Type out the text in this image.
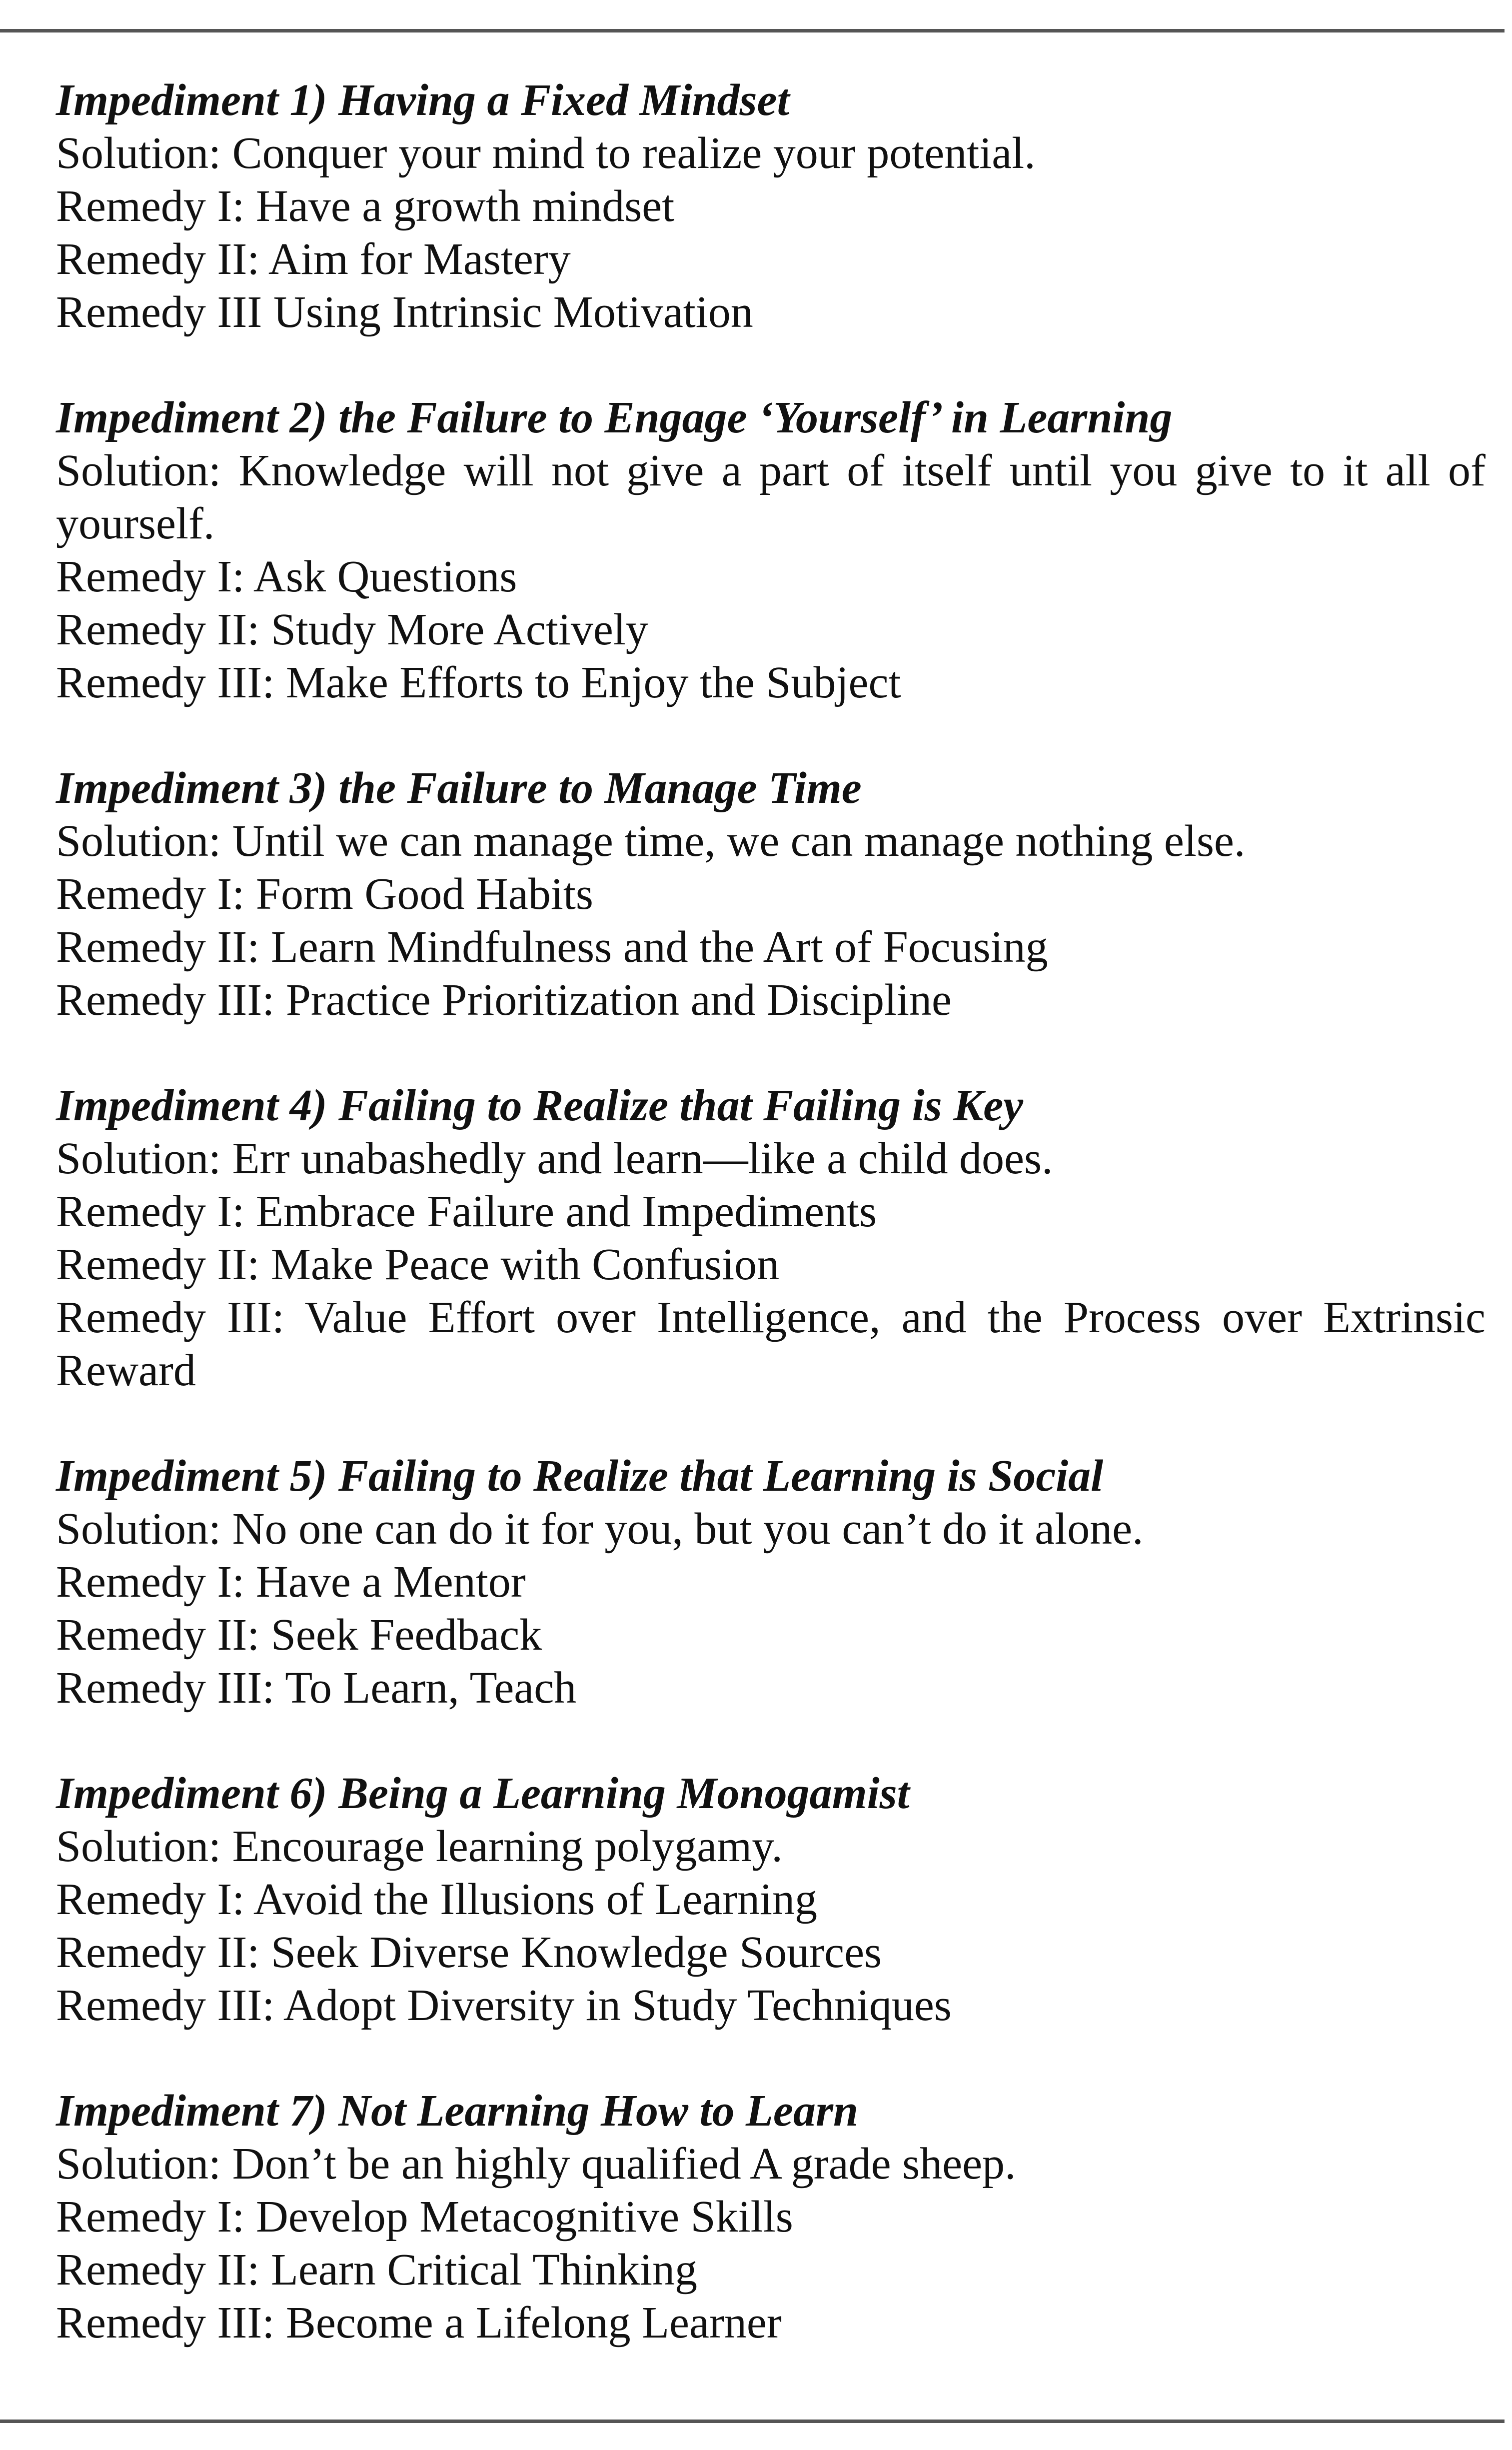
Impediment 1) Having a Fixed Mindset
Solution: Conquer your mind to realize your potential.
Remedy I: Have a growth mindset
Remedy II: Aim for Mastery
Remedy III Using Intrinsic Motivation
Impediment 2) the Failure to Engage ‘Yourself’ in Learning
Solution: Knowledge will not give a part of itself until you give to it all of yourself.
Remedy I: Ask Questions
Remedy II: Study More Actively
Remedy III: Make Efforts to Enjoy the Subject
Impediment 3) the Failure to Manage Time
Solution: Until we can manage time, we can manage nothing else.
Remedy I: Form Good Habits
Remedy II: Learn Mindfulness and the Art of Focusing
Remedy III: Practice Prioritization and Discipline
Impediment 4) Failing to Realize that Failing is Key
Solution: Err unabashedly and learn—like a child does.
Remedy I: Embrace Failure and Impediments
Remedy II: Make Peace with Confusion
Remedy III: Value Effort over Intelligence, and the Process over Extrinsic Reward
Impediment 5) Failing to Realize that Learning is Social
Solution: No one can do it for you, but you can’t do it alone.
Remedy I: Have a Mentor
Remedy II: Seek Feedback
Remedy III: To Learn, Teach
Impediment 6) Being a Learning Monogamist
Solution: Encourage learning polygamy.
Remedy I: Avoid the Illusions of Learning
Remedy II: Seek Diverse Knowledge Sources
Remedy III: Adopt Diversity in Study Techniques
Impediment 7) Not Learning How to Learn
Solution: Don’t be an highly qualified A grade sheep.
Remedy I: Develop Metacognitive Skills
Remedy II: Learn Critical Thinking
Remedy III: Become a Lifelong Learner
